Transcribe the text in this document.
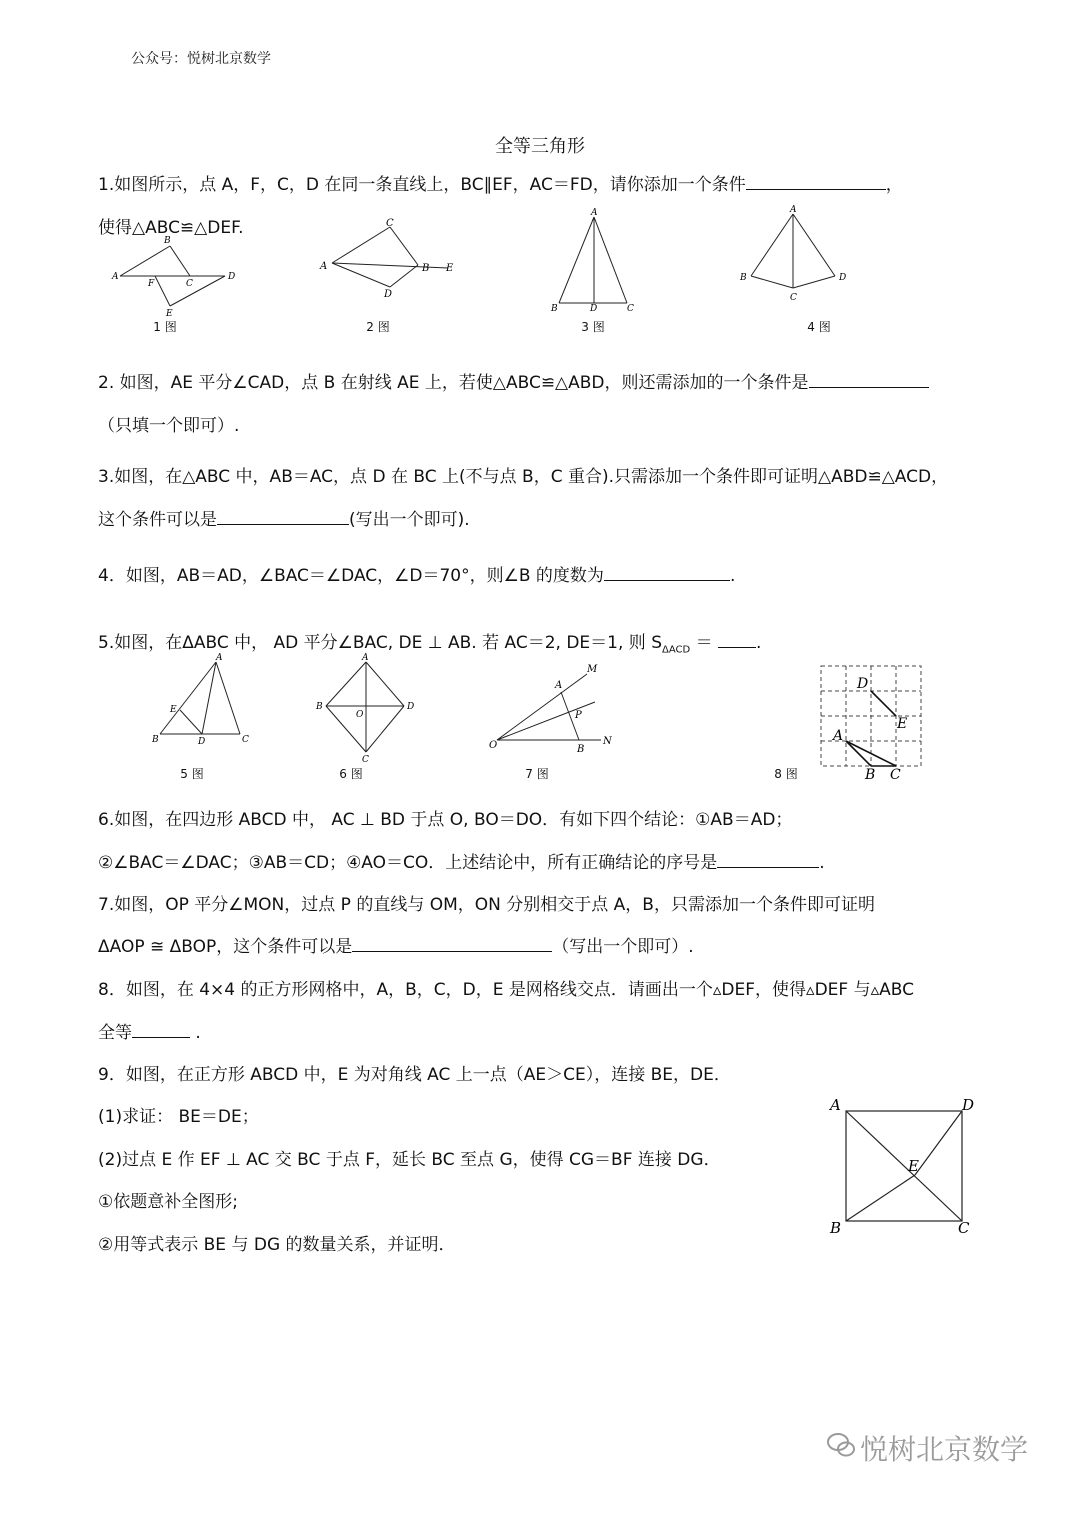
公众号：悦树北京数学
全等三角形
1.如图所示，点 A，F，C，D 在同一条直线上，BC∥EF，AC＝FD，请你添加一个条件	，
使得△ABC≌△DEF.
A
B
F	C
D
E
1 图
A
C
B E
D
2 图
A
B	D	C
3 图
A
B
C
D
4 图
2. 如图，AE 平分∠CAD，点 B 在射线 AE 上，若使△ABC≌△ABD，则还需添加的一个条件是
（只填一个即可）.
3.如图，在△ABC 中，AB＝AC，点 D 在 BC 上(不与点 B，C 重合).只需添加一个条件即可证明△ABD≌△ACD，
这个条件可以是	(写出一个即可).
4．如图，AB＝AD，∠BAC＝∠DAC，∠D＝70°，则∠B 的度数为	.
5.如图，在ΔABC 中， AD 平分∠BAC, DE ⊥ AB. 若 AC＝2, DE＝1, 则 $S_{\Delta ACD}$ ＝	.
A
E
B	D	C
5 图
A
B
O
D
C
6 图
M
A
P
O	B
N
7 图
D
E
A
B C
8 图
6.如图，在四边形 ABCD 中， AC ⊥ BD 于点 O, BO＝DO．有如下四个结论：①AB＝AD；
②∠BAC＝∠DAC；③AB＝CD；④AO＝CO．上述结论中，所有正确结论的序号是	.
7.如图，OP 平分∠MON，过点 P 的直线与 OM，ON 分别相交于点 A，B，只需添加一个条件即可证明
ΔAOP ≅ ΔBOP，这个条件可以是	（写出一个即可）.
8．如图，在 4×4 的正方形网格中，A，B，C，D，E 是网格线交点．请画出一个▵DEF，使得▵DEF 与▵ABC
全等	.
9．如图，在正方形 ABCD 中，E 为对角线 AC 上一点（AE＞CE），连接 BE，DE．
(1)求证： BE＝DE；
(2)过点 E 作 EF ⊥ AC 交 BC 于点 F，延长 BC 至点 G，使得 CG＝BF 连接 DG．
①依题意补全图形;
②用等式表示 BE 与 DG 的数量关系，并证明．
A	D
E
B	C
悦树北京数学
